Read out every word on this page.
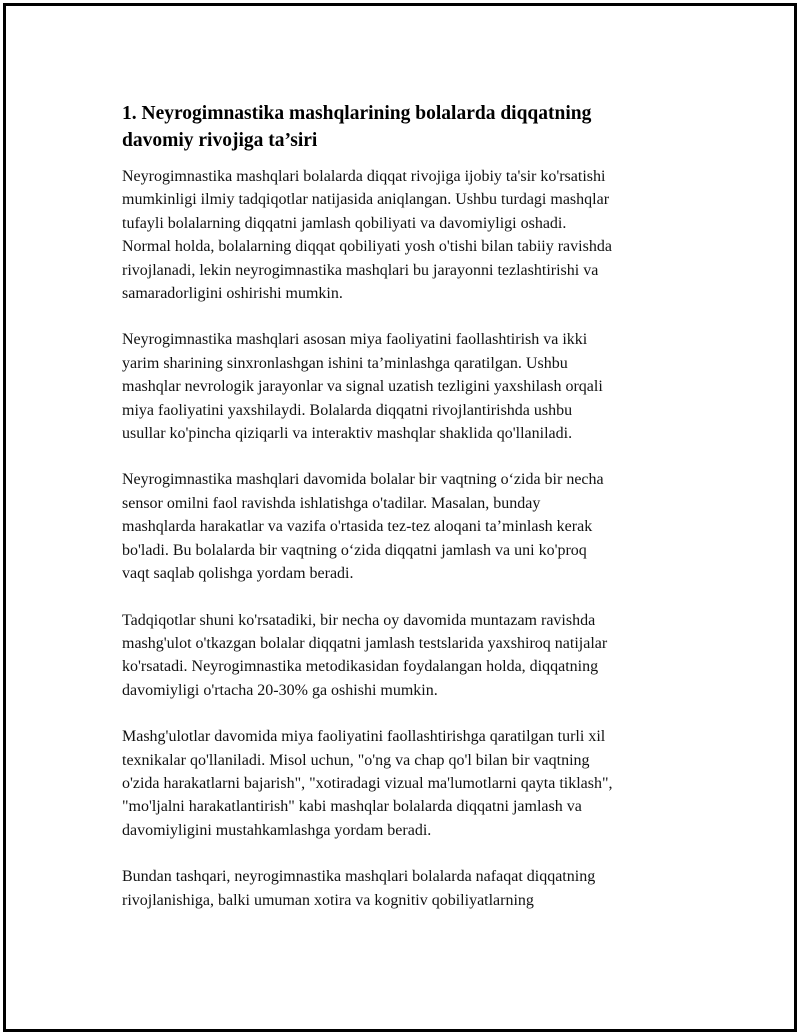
1. Neyrogimnastika mashqlarining bolalarda diqqatning
davomiy rivojiga ta’siri

Neyrogimnastika mashqlari bolalarda diqqat rivojiga ijobiy ta'sir ko'rsatishi
mumkinligi ilmiy tadqiqotlar natijasida aniqlangan. Ushbu turdagi mashqlar
tufayli bolalarning diqqatni jamlash qobiliyati va davomiyligi oshadi.
Normal holda, bolalarning diqqat qobiliyati yosh o'tishi bilan tabiiy ravishda
rivojlanadi, lekin neyrogimnastika mashqlari bu jarayonni tezlashtirishi va
samaradorligini oshirishi mumkin.

Neyrogimnastika mashqlari asosan miya faoliyatini faollashtirish va ikki
yarim sharining sinxronlashgan ishini ta’minlashga qaratilgan. Ushbu
mashqlar nevrologik jarayonlar va signal uzatish tezligini yaxshilash orqali
miya faoliyatini yaxshilaydi. Bolalarda diqqatni rivojlantirishda ushbu
usullar ko'pincha qiziqarli va interaktiv mashqlar shaklida qo'llaniladi.

Neyrogimnastika mashqlari davomida bolalar bir vaqtning o‘zida bir necha
sensor omilni faol ravishda ishlatishga o'tadilar. Masalan, bunday
mashqlarda harakatlar va vazifa o'rtasida tez-tez aloqani ta’minlash kerak
bo'ladi. Bu bolalarda bir vaqtning o‘zida diqqatni jamlash va uni ko'proq
vaqt saqlab qolishga yordam beradi.

Tadqiqotlar shuni ko'rsatadiki, bir necha oy davomida muntazam ravishda
mashg'ulot o'tkazgan bolalar diqqatni jamlash testslarida yaxshiroq natijalar
ko'rsatadi. Neyrogimnastika metodikasidan foydalangan holda, diqqatning
davomiyligi o'rtacha 20-30% ga oshishi mumkin.

Mashg'ulotlar davomida miya faoliyatini faollashtirishga qaratilgan turli xil
texnikalar qo'llaniladi. Misol uchun, "o'ng va chap qo'l bilan bir vaqtning
o'zida harakatlarni bajarish", "xotiradagi vizual ma'lumotlarni qayta tiklash",
"mo'ljalni harakatlantirish" kabi mashqlar bolalarda diqqatni jamlash va
davomiyligini mustahkamlashga yordam beradi.

Bundan tashqari, neyrogimnastika mashqlari bolalarda nafaqat diqqatning
rivojlanishiga, balki umuman xotira va kognitiv qobiliyatlarning
